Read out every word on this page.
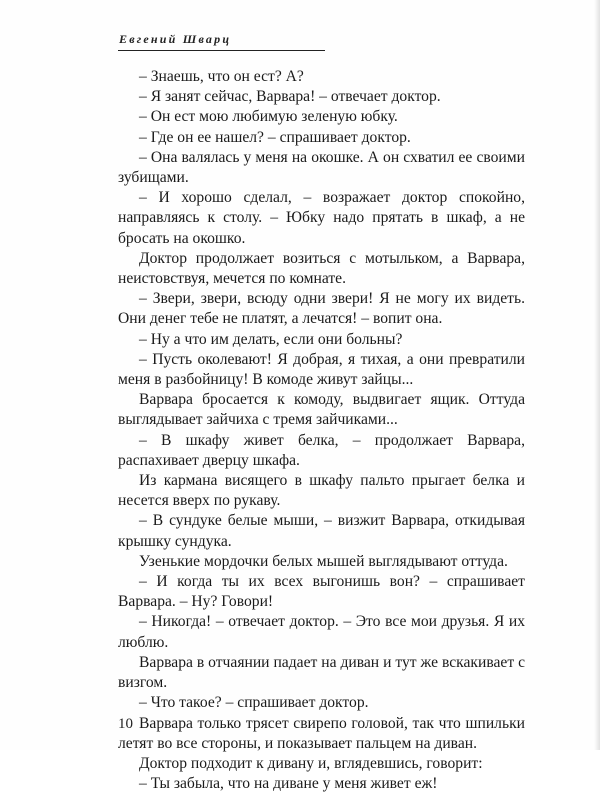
Евгений Шварц

– Знаешь, что он ест? А?

– Я занят сейчас, Варвара! – отвечает доктор.

– Он ест мою любимую зеленую юбку.

– Где он ее нашел? – спрашивает доктор.

– Она валялась у меня на окошке. А он схватил ее своими зубищами.

– И хорошо сделал, – возражает доктор спокойно, направляясь к столу. – Юбку надо прятать в шкаф, а не бросать на окошко.

Доктор продолжает возиться с мотыльком, а Варвара, неистовствуя, мечется по комнате.

– Звери, звери, всюду одни звери! Я не могу их видеть. Они денег тебе не платят, а лечатся! – вопит она.

– Ну а что им делать, если они больны?

– Пусть околевают! Я добрая, я тихая, а они превратили меня в разбойницу! В комоде живут зайцы...

Варвара бросается к комоду, выдвигает ящик. Оттуда выглядывает зайчиха с тремя зайчиками...

– В шкафу живет белка, – продолжает Варвара, распахивает дверцу шкафа.

Из кармана висящего в шкафу пальто прыгает белка и несется вверх по рукаву.

– В сундуке белые мыши, – визжит Варвара, откидывая крышку сундука.

Узенькие мордочки белых мышей выглядывают оттуда.

– И когда ты их всех выгонишь вон? – спрашивает Варвара. – Ну? Говори!

– Никогда! – отвечает доктор. – Это все мои друзья. Я их люблю.

Варвара в отчаянии падает на диван и тут же вскакивает с визгом.

– Что такое? – спрашивает доктор.

Варвара только трясет свирепо головой, так что шпильки летят во все стороны, и показывает пальцем на диван.

Доктор подходит к дивану и, вглядевшись, говорит:

– Ты забыла, что на диване у меня живет еж!

10
